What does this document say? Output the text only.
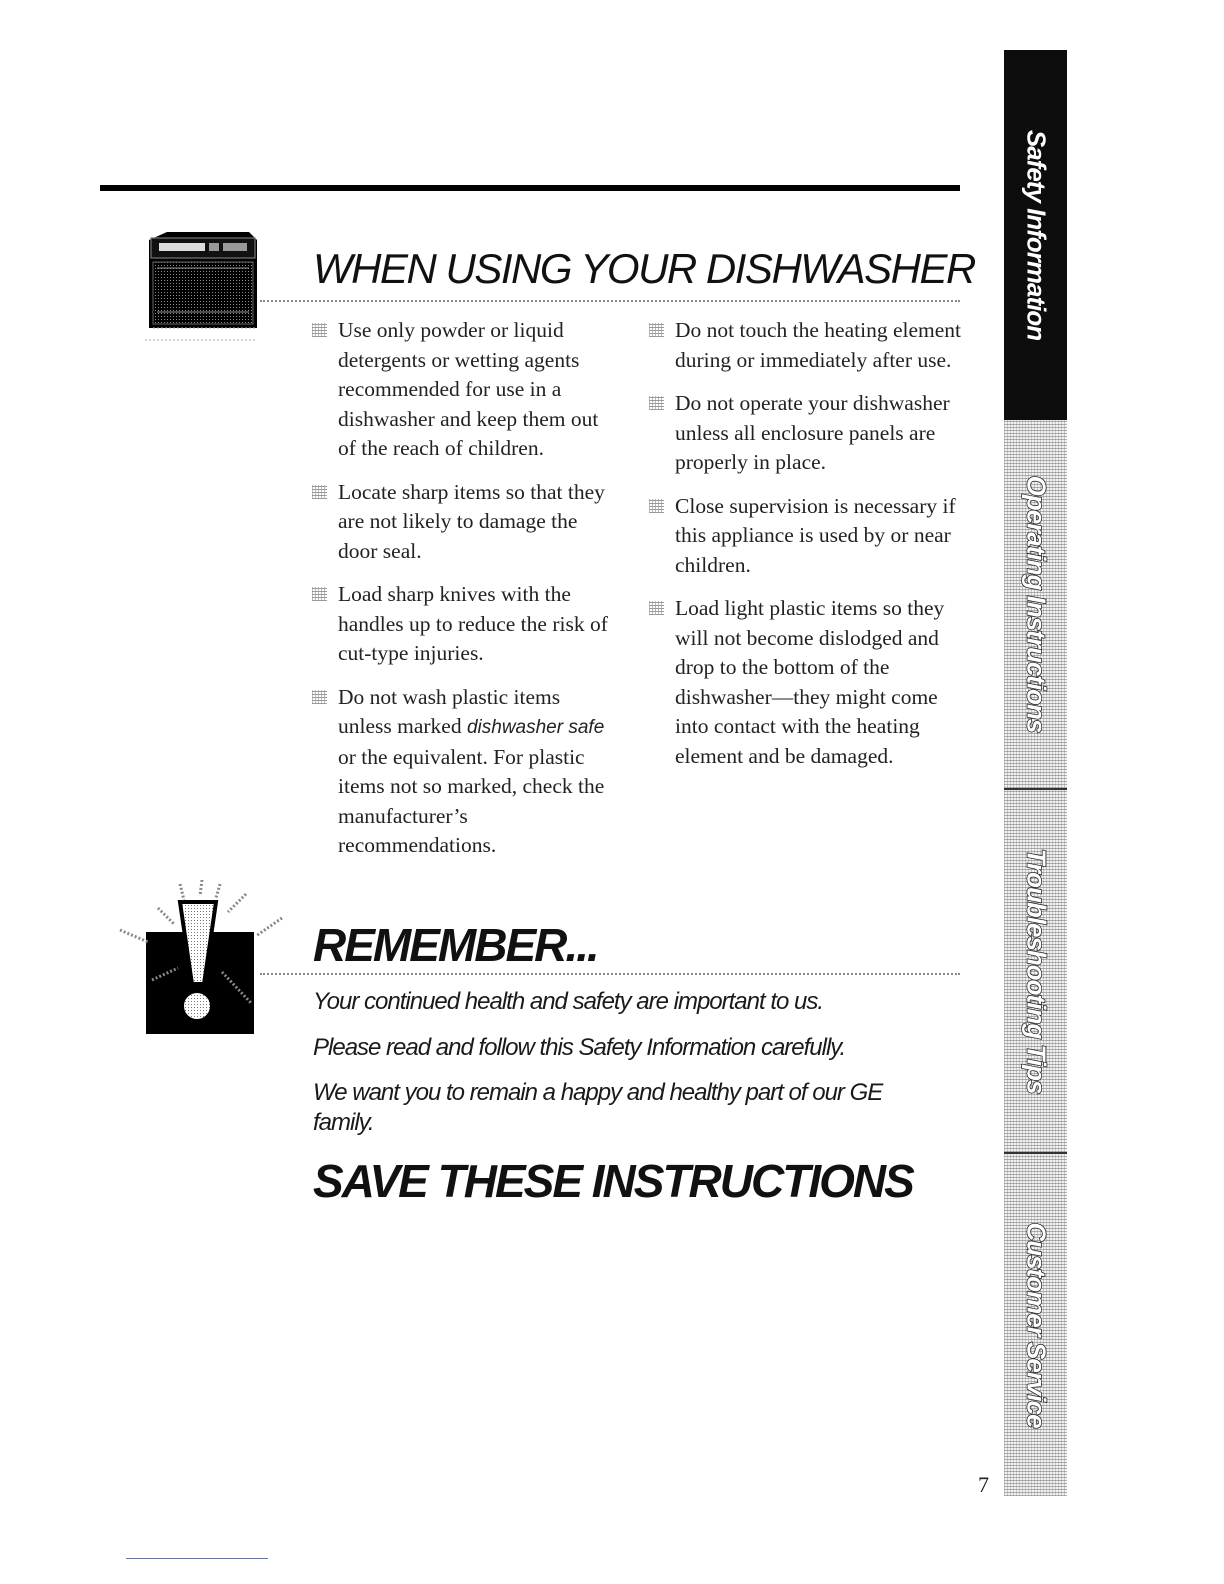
WHEN USING YOUR DISHWASHER
Use only powder or liquid detergents or wetting agents recommended for use in a dishwasher and keep them out of the reach of children.
Locate sharp items so that they are not likely to damage the door seal.
Load sharp knives with the handles up to reduce the risk of cut-type injuries.
Do not wash plastic items unless marked dishwasher safe or the equivalent. For plastic items not so marked, check the manufacturer’s recommendations.
Do not touch the heating element during or immediately after use.
Do not operate your dishwasher unless all enclosure panels are properly in place.
Close supervision is necessary if this appliance is used by or near children.
Load light plastic items so they will not become dislodged and drop to the bottom of the dishwasher—they might come into contact with the heating element and be damaged.
REMEMBER...

Your continued health and safety are important to us.

Please read and follow this Safety Information carefully.

We want you to remain a happy and healthy part of our GE family.

SAVE THESE INSTRUCTIONS
7
Safety Information
Operating Instructions
Troubleshooting Tips
Customer Service
